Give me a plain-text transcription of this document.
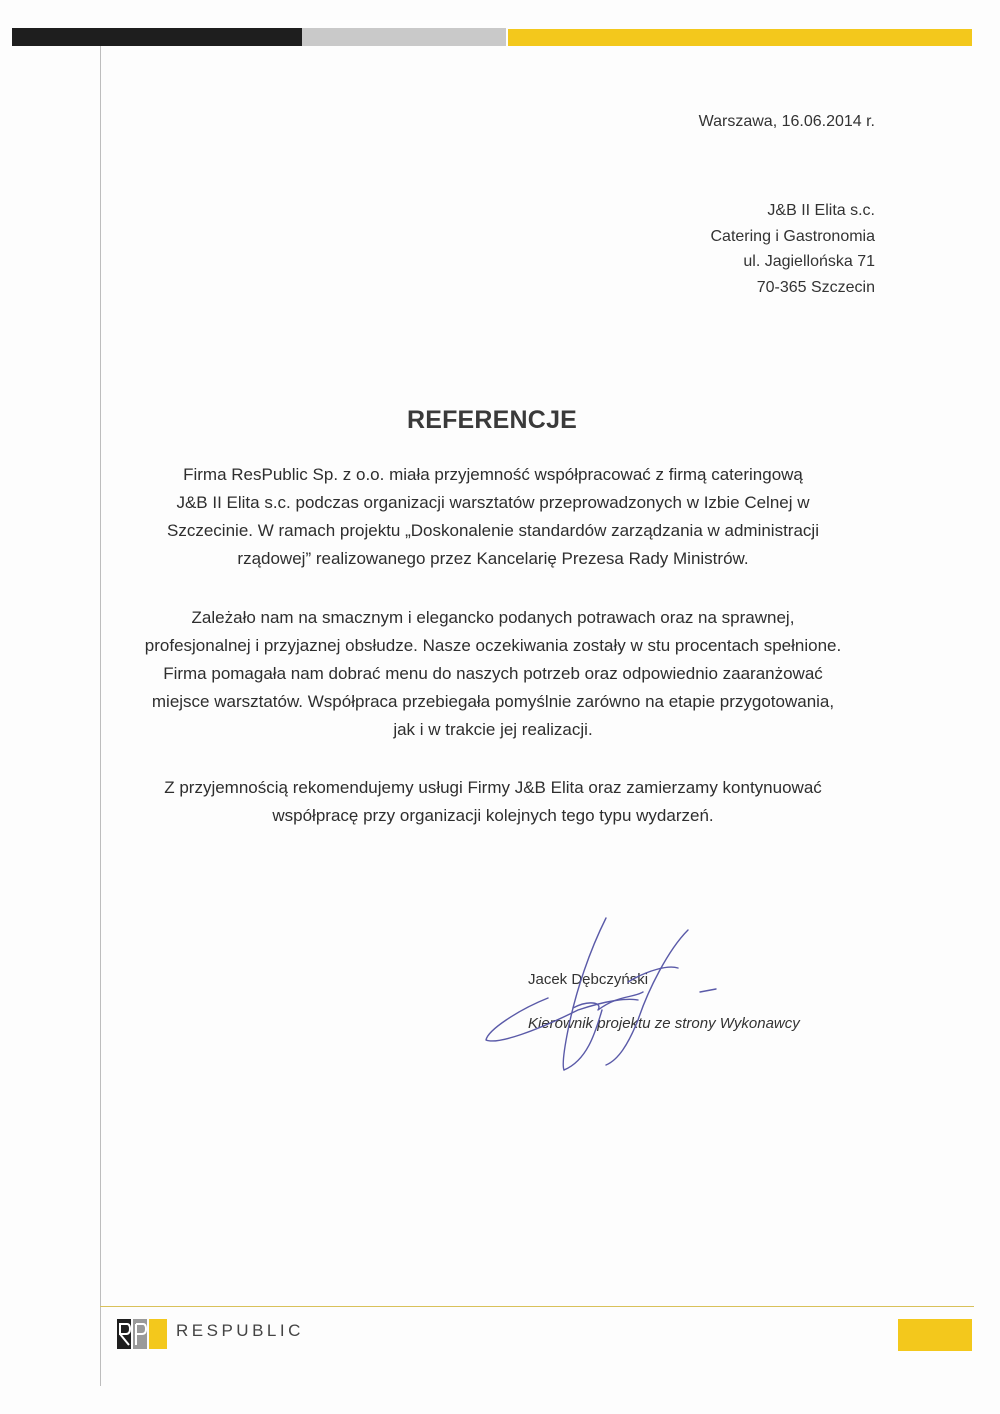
Warszawa, 16.06.2014 r.
J&B II Elita s.c.
Catering i Gastronomia
ul. Jagiellońska 71
70-365 Szczecin
REFERENCJE
Firma ResPublic Sp. z o.o. miała przyjemność współpracować z firmą cateringową
J&B II Elita s.c. podczas organizacji warsztatów przeprowadzonych w Izbie Celnej w
Szczecinie. W ramach projektu „Doskonalenie standardów zarządzania w administracji
rządowej” realizowanego przez Kancelarię Prezesa Rady Ministrów.
Zależało nam na smacznym i elegancko podanych potrawach oraz na sprawnej,
profesjonalnej i przyjaznej obsłudze. Nasze oczekiwania zostały w stu procentach spełnione.
Firma pomagała nam dobrać menu do naszych potrzeb oraz odpowiednio zaaranżować
miejsce warsztatów. Współpraca przebiegała pomyślnie zarówno na etapie przygotowania,
jak i w trakcie jej realizacji.
Z przyjemnością rekomendujemy usługi Firmy J&B Elita oraz zamierzamy kontynuować
współpracę przy organizacji kolejnych tego typu wydarzeń.
Jacek Dębczyński
Kierownik projektu ze strony Wykonawcy
RESPUBLIC
